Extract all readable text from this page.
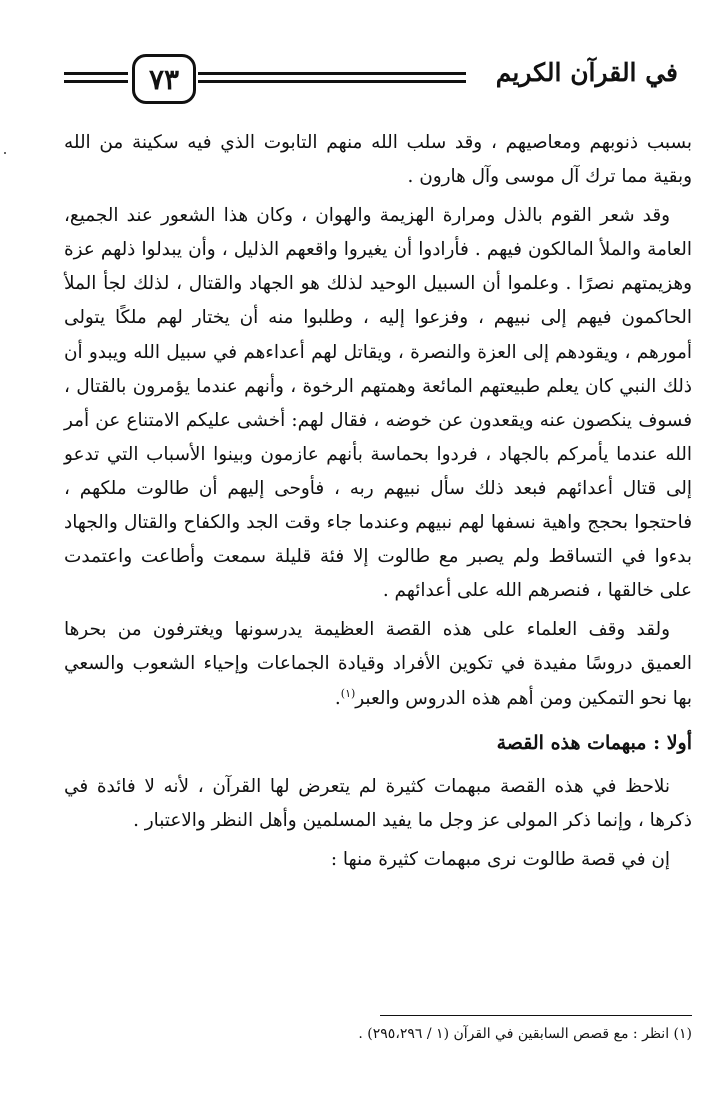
٧٣	في القرآن الكريم

بسبب ذنوبهم ومعاصيهم ، وقد سلب الله منهم التابوت الذي فيه سكينة من الله وبقية مما ترك آل موسى وآل هارون .

وقد شعر القوم بالذل ومرارة الهزيمة والهوان ، وكان هذا الشعور عند الجميع، العامة والملأ المالكون فيهم . فأرادوا أن يغيروا واقعهم الذليل ، وأن يبدلوا ذلهم عزة وهزيمتهم نصرًا . وعلموا أن السبيل الوحيد لذلك هو الجهاد والقتال ، لذلك لجأ الملأ الحاكمون فيهم إلى نبيهم ، وفزعوا إليه ، وطلبوا منه أن يختار لهم ملكًا يتولى أمورهم ، ويقودهم إلى العزة والنصرة ، ويقاتل لهم أعداءهم في سبيل الله ويبدو أن ذلك النبي كان يعلم طبيعتهم المائعة وهمتهم الرخوة ، وأنهم عندما يؤمرون بالقتال ، فسوف ينكصون عنه ويقعدون عن خوضه ، فقال لهم: أخشى عليكم الامتناع عن أمر الله عندما يأمركم بالجهاد ، فردوا بحماسة بأنهم عازمون وبينوا الأسباب التي تدعو إلى قتال أعدائهم فبعد ذلك سأل نبيهم ربه ، فأوحى إليهم أن طالوت ملكهم ، فاحتجوا بحجج واهية نسفها لهم نبيهم وعندما جاء وقت الجد والكفاح والقتال والجهاد بدءوا في التساقط ولم يصبر مع طالوت إلا فئة قليلة سمعت وأطاعت واعتمدت على خالقها ، فنصرهم الله على أعدائهم .

ولقد وقف العلماء على هذه القصة العظيمة يدرسونها ويغترفون من بحرها العميق دروسًا مفيدة في تكوين الأفراد وقيادة الجماعات وإحياء الشعوب والسعي بها نحو التمكين ومن أهم هذه الدروس والعبر$^{(١)}$.

أولا : مبهمات هذه القصة

نلاحظ في هذه القصة مبهمات كثيرة لم يتعرض لها القرآن ، لأنه لا فائدة في ذكرها ، وإنما ذكر المولى عز وجل ما يفيد المسلمين وأهل النظر والاعتبار .

إن في قصة طالوت نرى مبهمات كثيرة منها :

(١) انظر : مع قصص السابقين في القرآن (١ / ٢٩٥،٢٩٦) .
